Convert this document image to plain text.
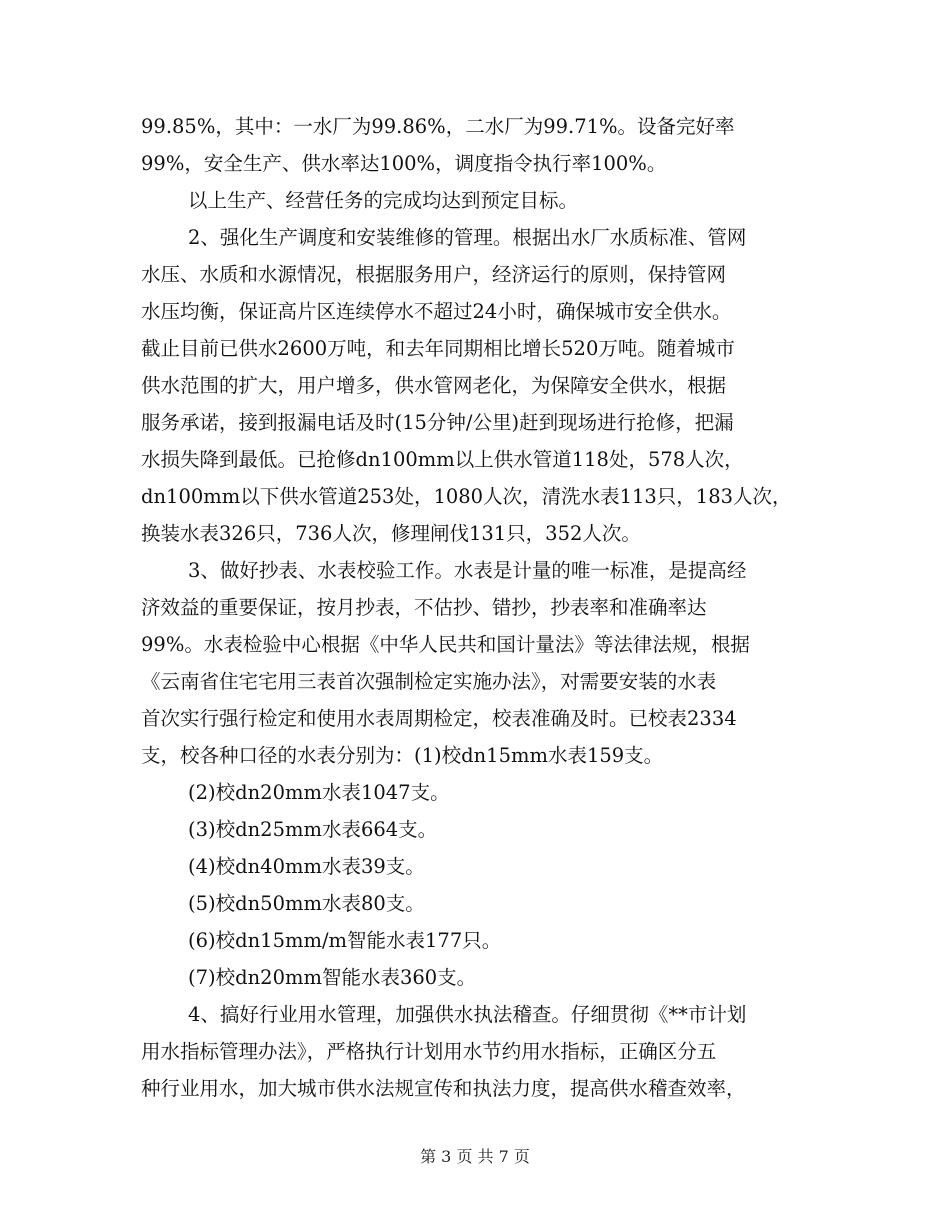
99.85%，其中：一水厂为99.86%，二水厂为99.71%。设备完好率
99%，安全生产、供水率达100%，调度指令执行率100%。
以上生产、经营任务的完成均达到预定目标。
2、强化生产调度和安装维修的管理。根据出水厂水质标准、管网
水压、水质和水源情况，根据服务用户，经济运行的原则，保持管网
水压均衡，保证高片区连续停水不超过24小时，确保城市安全供水。
截止目前已供水2600万吨，和去年同期相比增长520万吨。随着城市
供水范围的扩大，用户增多，供水管网老化，为保障安全供水，根据
服务承诺，接到报漏电话及时(15分钟/公里)赶到现场进行抢修，把漏
水损失降到最低。已抢修dn100mm以上供水管道118处，578人次，
dn100mm以下供水管道253处，1080人次，清洗水表113只，183人次，
换装水表326只，736人次，修理闸伐131只，352人次。
3、做好抄表、水表校验工作。水表是计量的唯一标准，是提高经
济效益的重要保证，按月抄表，不估抄、错抄，抄表率和准确率达
99%。水表检验中心根据《中华人民共和国计量法》等法律法规，根据
《云南省住宅宅用三表首次强制检定实施办法》，对需要安装的水表
首次实行强行检定和使用水表周期检定，校表准确及时。已校表2334
支，校各种口径的水表分别为：(1)校dn15mm水表159支。
(2)校dn20mm水表1047支。
(3)校dn25mm水表664支。
(4)校dn40mm水表39支。
(5)校dn50mm水表80支。
(6)校dn15mm/m智能水表177只。
(7)校dn20mm智能水表360支。
4、搞好行业用水管理，加强供水执法稽查。仔细贯彻《**市计划
用水指标管理办法》，严格执行计划用水节约用水指标，正确区分五
种行业用水，加大城市供水法规宣传和执法力度，提高供水稽查效率，
第 3 页 共 7 页
